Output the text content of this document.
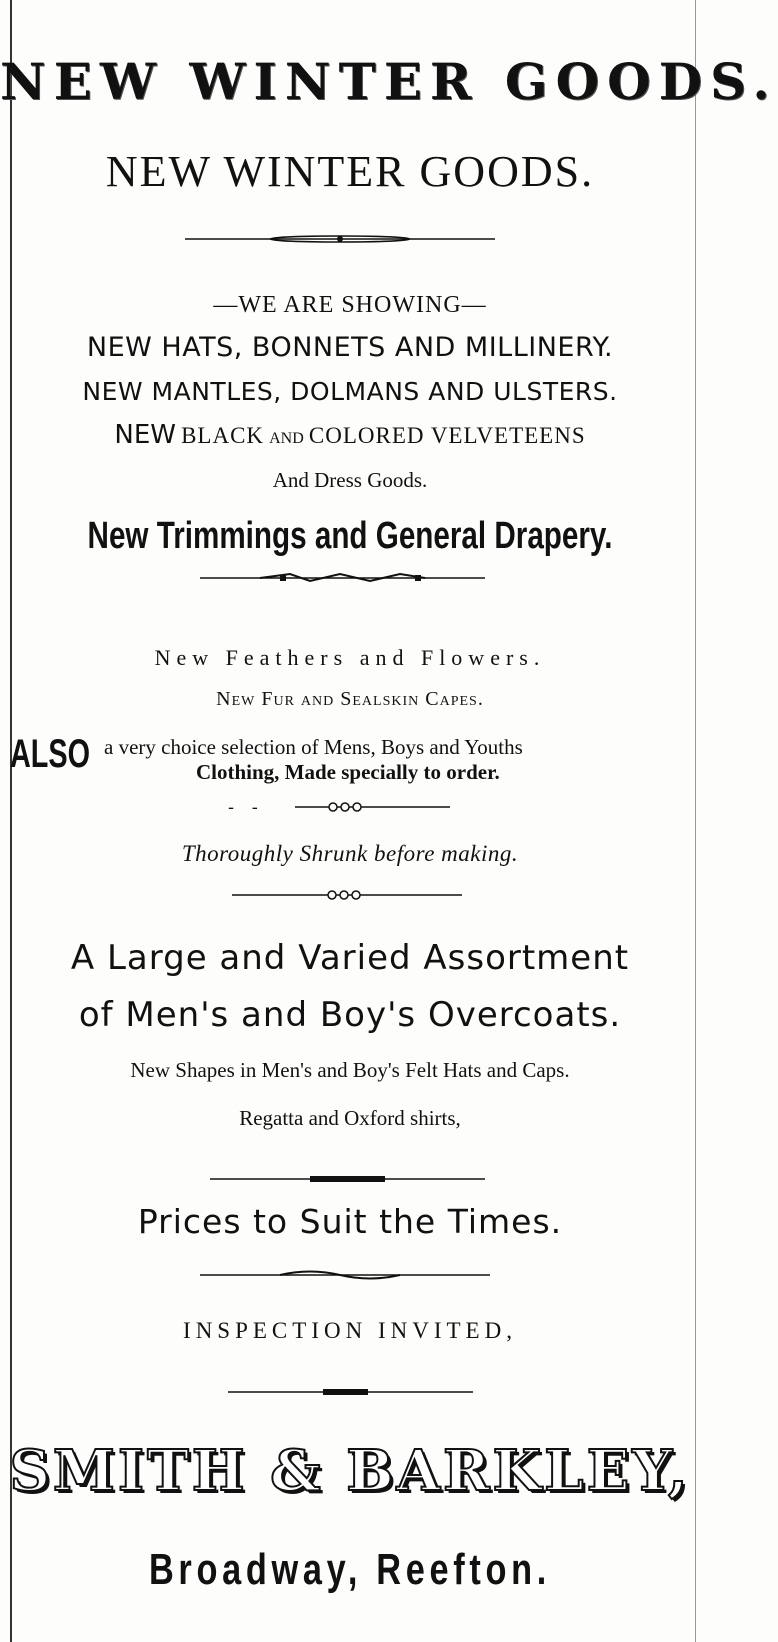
NEW WINTER GOODS.
NEW WINTER GOODS.
—WE ARE SHOWING—
NEW HATS, BONNETS AND MILLINERY.
NEW MANTLES, DOLMANS AND ULSTERS.
NEW BLACK AND COLORED VELVETEENS
And Dress Goods.
New Trimmings and General Drapery.
New Feathers and Flowers.
New Fur and Sealskin Capes.
ALSO a very choice selection of Mens, Boys and Youths
Clothing, Made specially to order.
- -
Thoroughly Shrunk before making.
A Large and Varied Assortment
of Men's and Boy's Overcoats.
New Shapes in Men's and Boy's Felt Hats and Caps.
Regatta and Oxford shirts,
Prices to Suit the Times.
INSPECTION INVITED,
SMITH & BARKLEY,
Broadway, Reefton.
